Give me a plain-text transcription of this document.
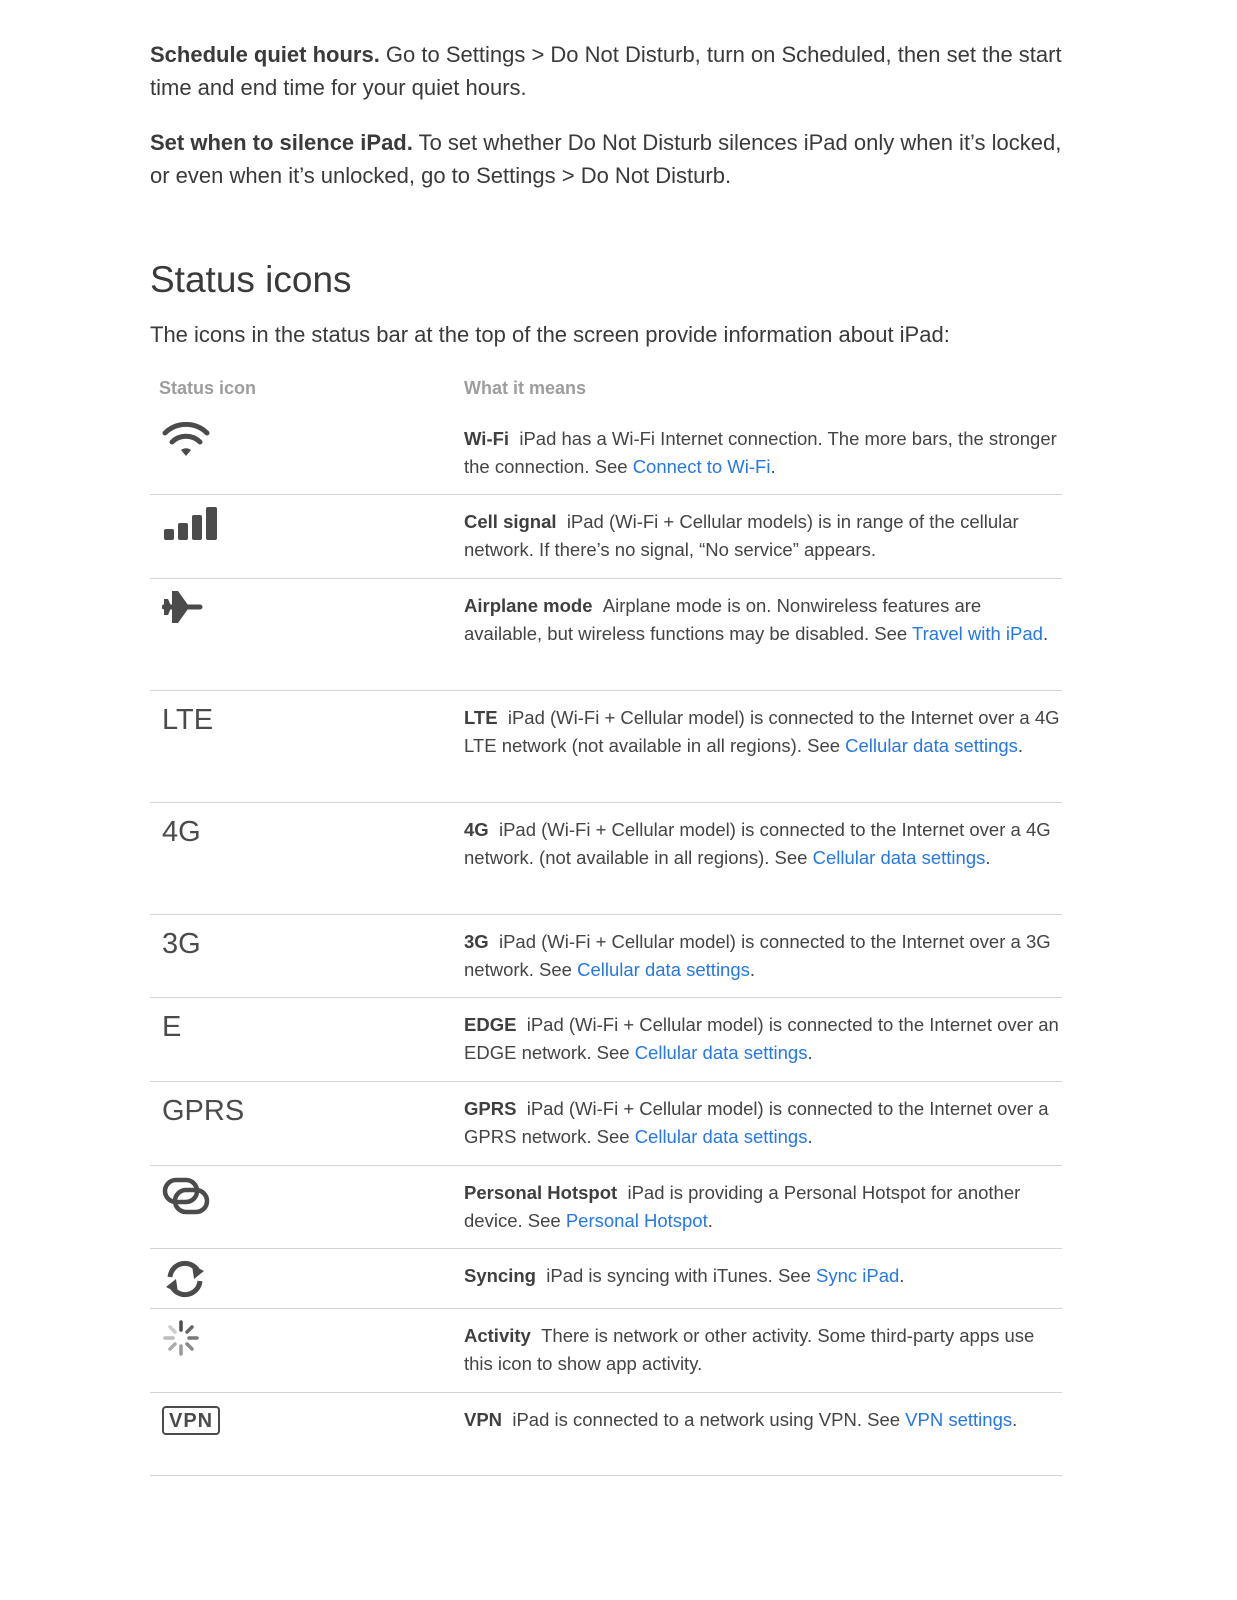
Schedule quiet hours. Go to Settings > Do Not Disturb, turn on Scheduled, then set the start time and end time for your quiet hours.

Set when to silence iPad. To set whether Do Not Disturb silences iPad only when it’s locked, or even when it’s unlocked, go to Settings > Do Not Disturb.

Status icons

The icons in the status bar at the top of the screen provide information about iPad:

Status icon	What it means
Wi-Fi iPad has a Wi-Fi Internet connection. The more bars, the stronger the connection. See Connect to Wi-Fi.
Cell signal iPad (Wi-Fi + Cellular models) is in range of the cellular network. If there’s no signal, “No service” appears.
Airplane mode Airplane mode is on. Nonwireless features are available, but wireless functions may be disabled. See Travel with iPad.
LTE	LTE iPad (Wi-Fi + Cellular model) is connected to the Internet over a 4G LTE network (not available in all regions). See Cellular data settings.
4G	4G iPad (Wi-Fi + Cellular model) is connected to the Internet over a 4G network. (not available in all regions). See Cellular data settings.
3G	3G iPad (Wi-Fi + Cellular model) is connected to the Internet over a 3G network. See Cellular data settings.
E	EDGE iPad (Wi-Fi + Cellular model) is connected to the Internet over an EDGE network. See Cellular data settings.
GPRS	GPRS iPad (Wi-Fi + Cellular model) is connected to the Internet over a GPRS network. See Cellular data settings.
Personal Hotspot iPad is providing a Personal Hotspot for another device. See Personal Hotspot.
Syncing iPad is syncing with iTunes. See Sync iPad.
Activity There is network or other activity. Some third-party apps use this icon to show app activity.
VPN	VPN iPad is connected to a network using VPN. See VPN settings.
